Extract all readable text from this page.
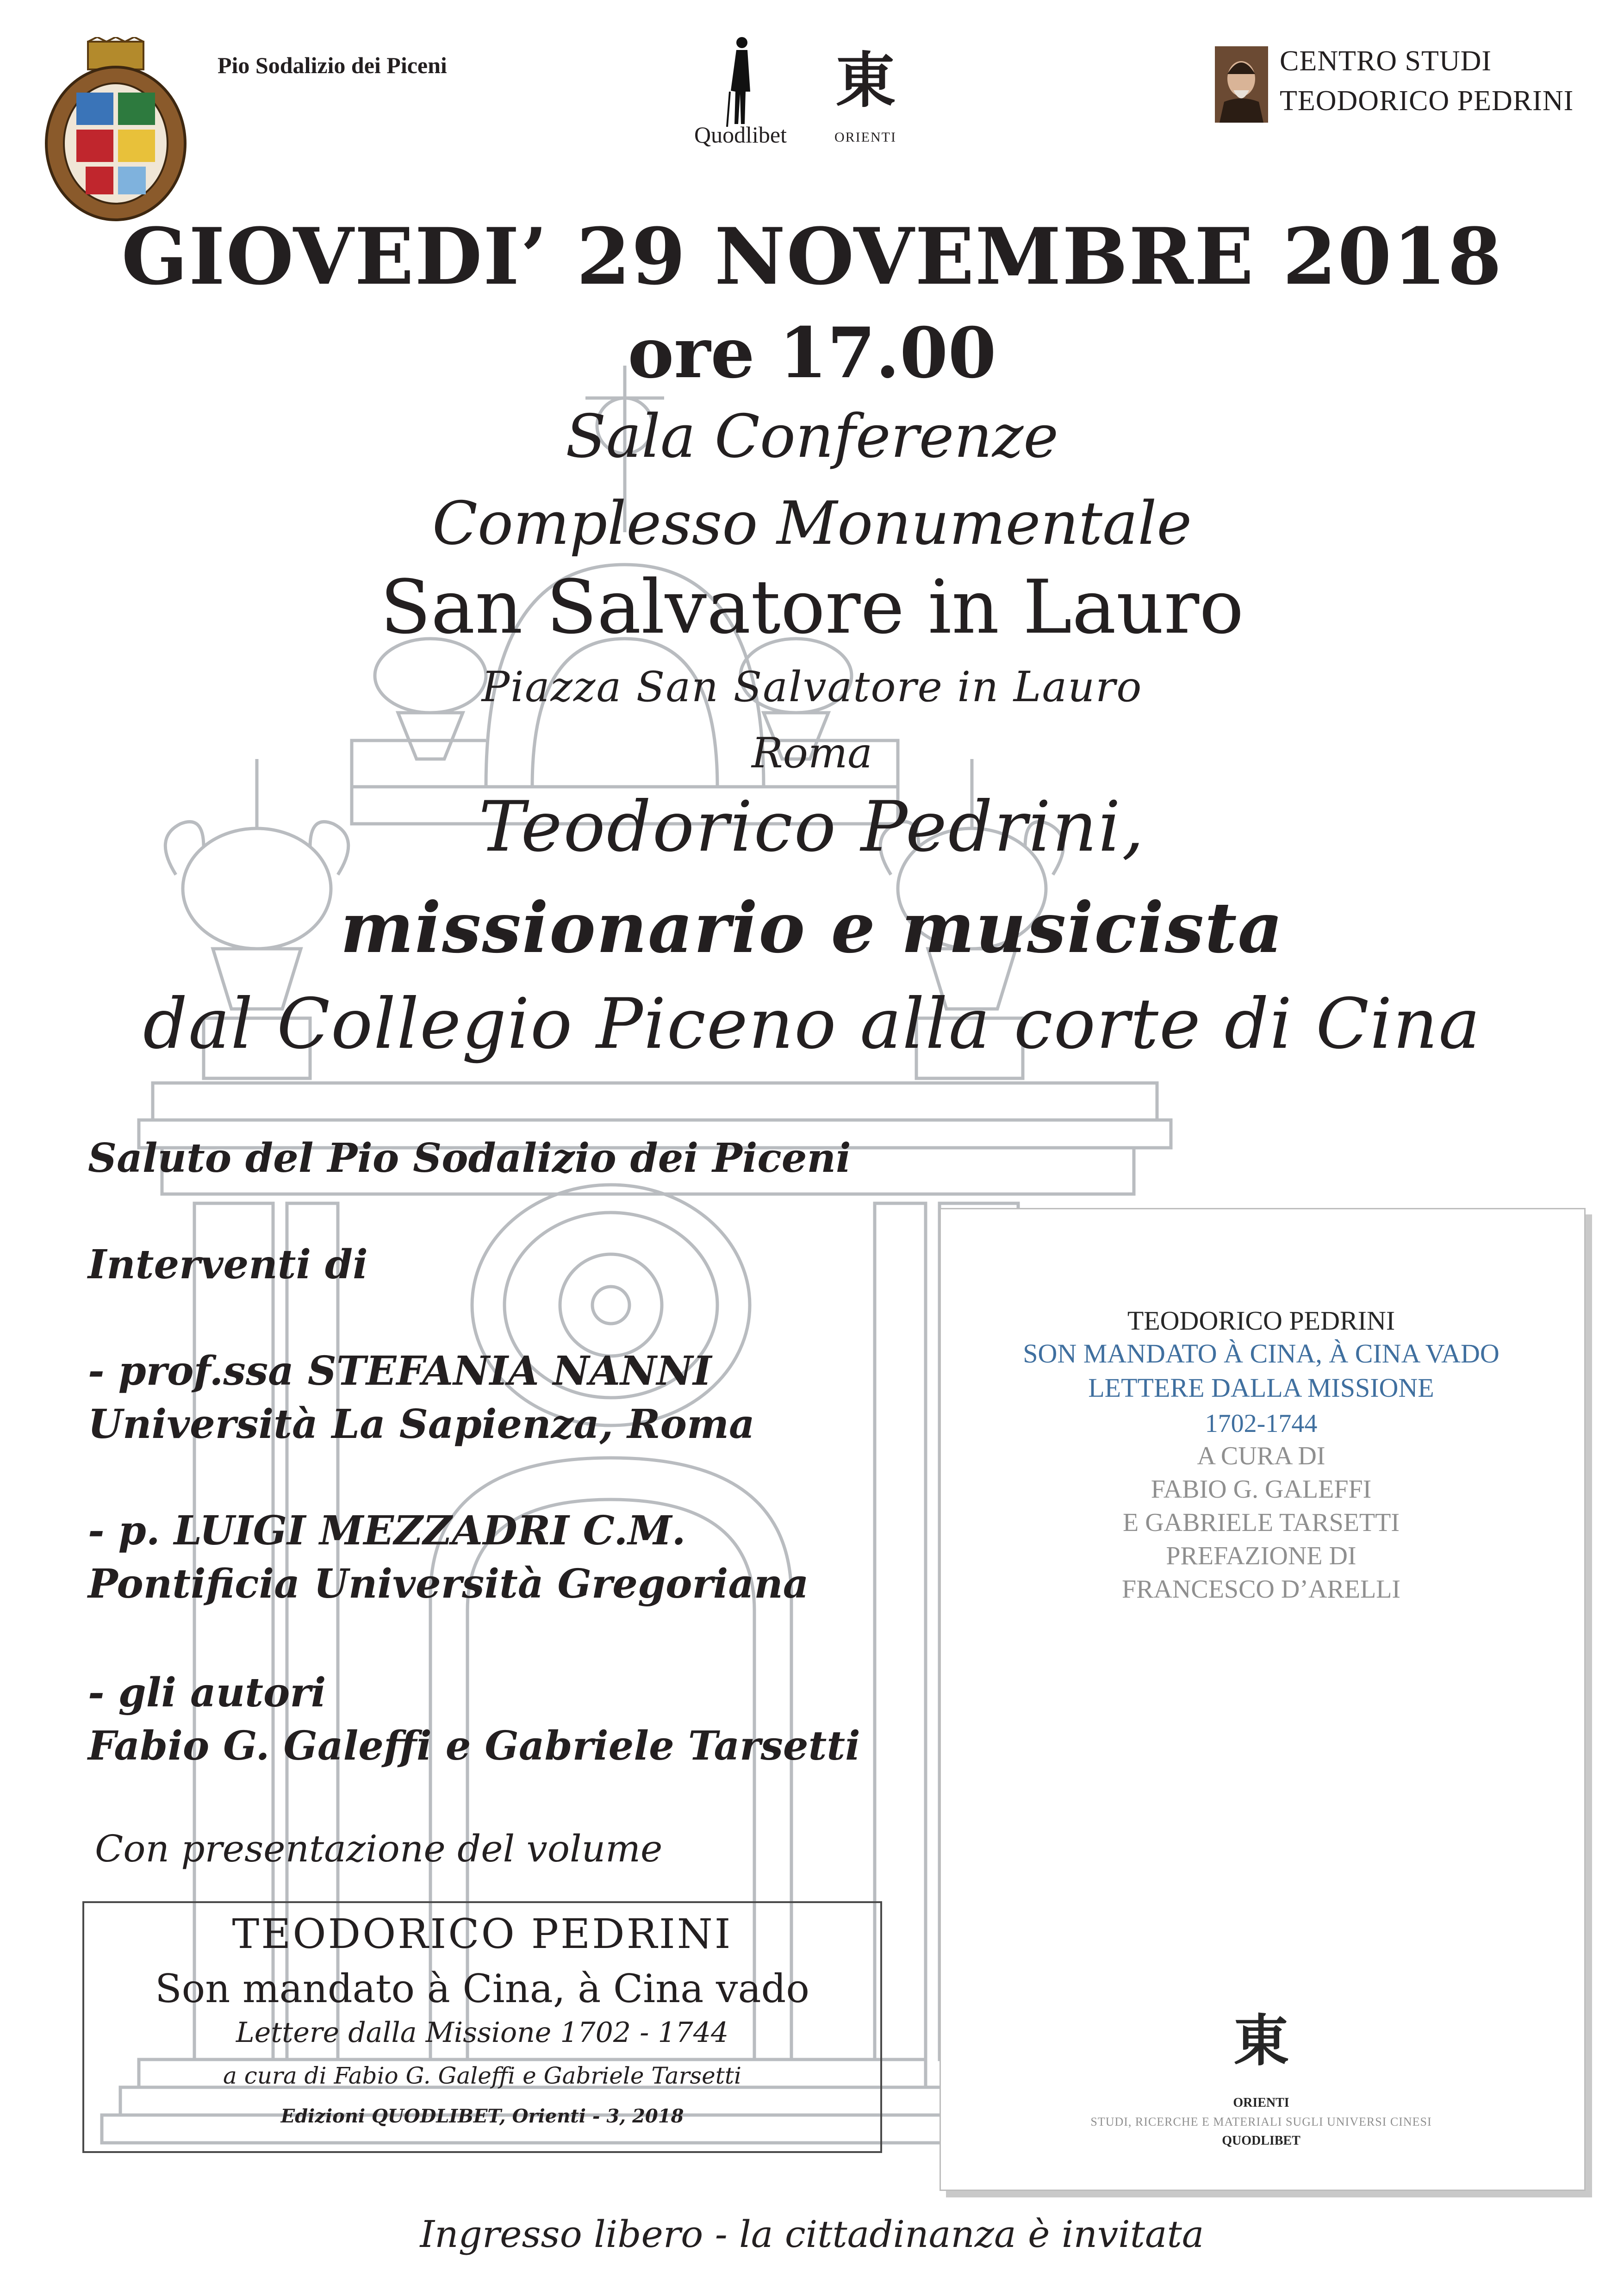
Pio Sodalizio dei Piceni
Quodlibet
東
ORIENTI
CENTRO STUDI
TEODORICO PEDRINI
GIOVEDI’ 29 NOVEMBRE 2018
ore 17.00
Sala Conferenze
Complesso Monumentale
San Salvatore in Lauro
Piazza San Salvatore in Lauro
Roma
Teodorico Pedrini,
missionario e musicista
dal Collegio Piceno alla corte di Cina
Saluto del Pio Sodalizio dei Piceni
Interventi di
- prof.ssa STEFANIA NANNI
Università La Sapienza, Roma
- p. LUIGI MEZZADRI C.M.
Pontificia Università Gregoriana
- gli autori
Fabio G. Galeffi e Gabriele Tarsetti
Con presentazione del volume
TEODORICO PEDRINI
Son mandato à Cina, à Cina vado
Lettere dalla Missione 1702 - 1744
a cura di Fabio G. Galeffi e Gabriele Tarsetti
Edizioni QUODLIBET, Orienti - 3, 2018
TEODORICO PEDRINI
SON MANDATO À CINA, À CINA VADO
LETTERE DALLA MISSIONE
1702-1744
A CURA DI
FABIO G. GALEFFI
E GABRIELE TARSETTI
PREFAZIONE DI
FRANCESCO D’ARELLI
東
ORIENTI
STUDI, RICERCHE E MATERIALI SUGLI UNIVERSI CINESI
QUODLIBET
Ingresso libero - la cittadinanza è invitata
